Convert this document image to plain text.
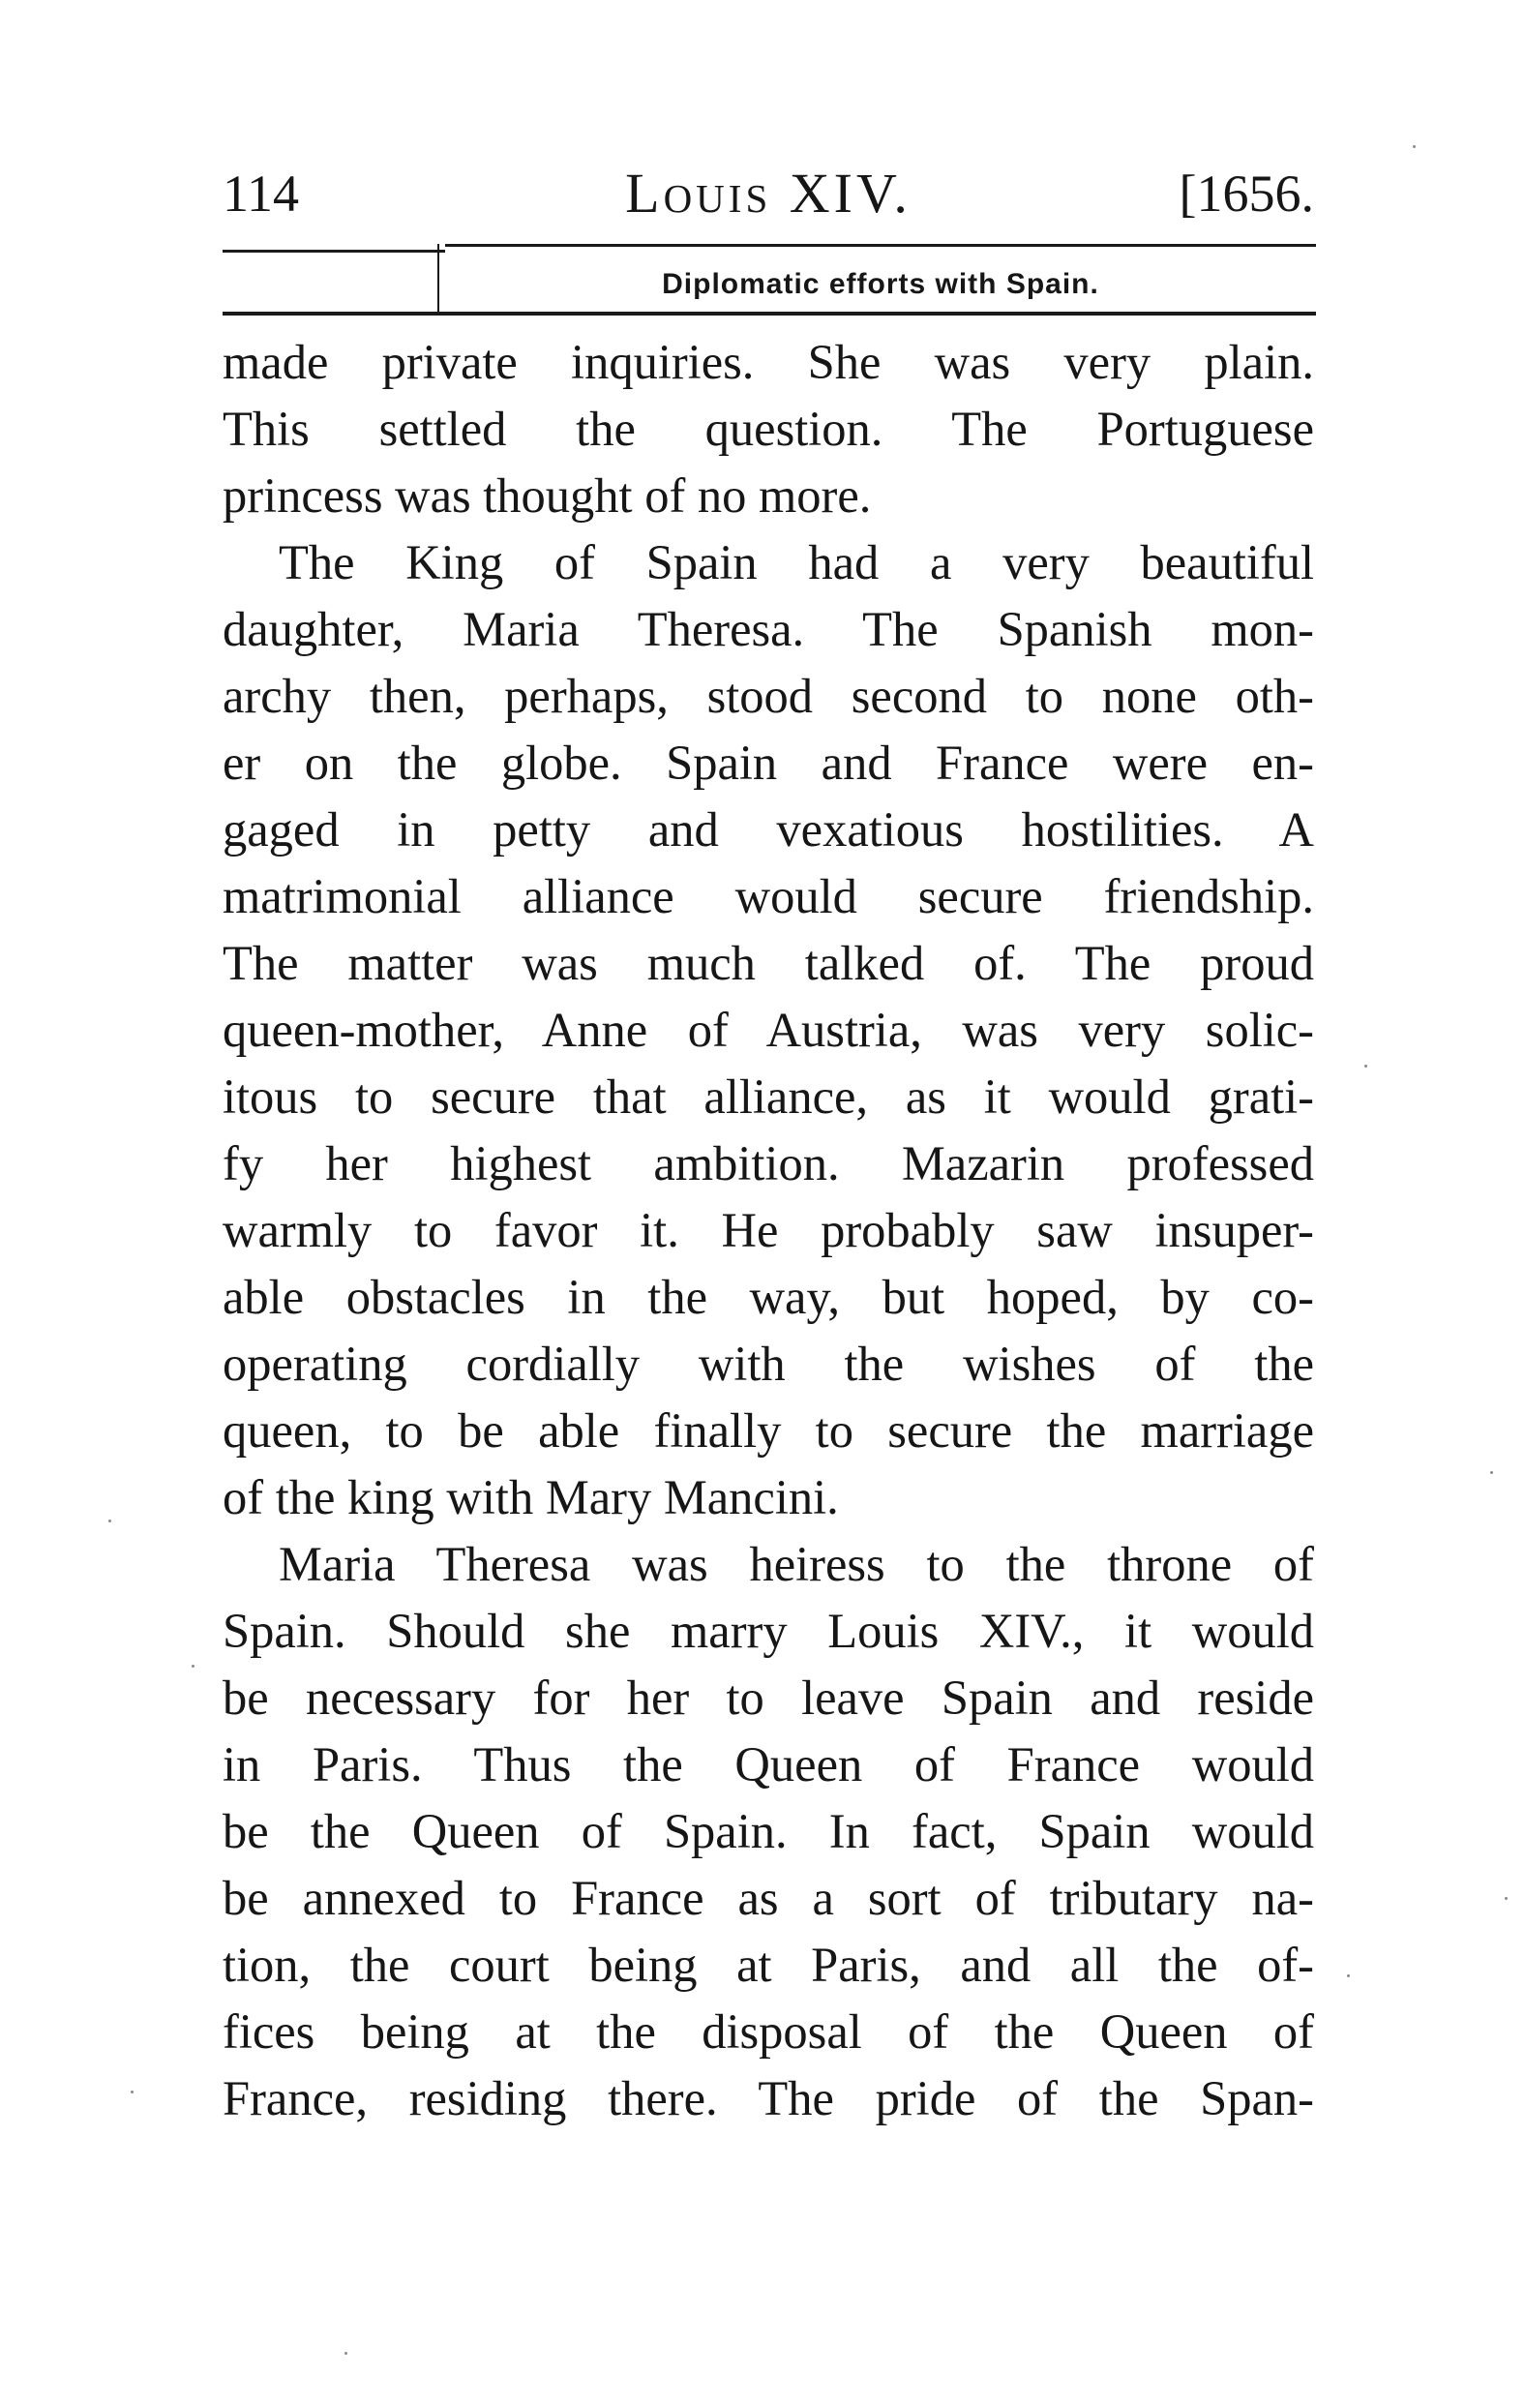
114	Louis XIV.	[1656.
Diplomatic efforts with Spain.
made private inquiries. She was very plain.
This settled the question. The Portuguese
princess was thought of no more.
The King of Spain had a very beautiful
daughter, Maria Theresa. The Spanish mon-
archy then, perhaps, stood second to none oth-
er on the globe. Spain and France were en-
gaged in petty and vexatious hostilities. A
matrimonial alliance would secure friendship.
The matter was much talked of. The proud
queen-mother, Anne of Austria, was very solic-
itous to secure that alliance, as it would grati-
fy her highest ambition. Mazarin professed
warmly to favor it. He probably saw insuper-
able obstacles in the way, but hoped, by co-
operating cordially with the wishes of the
queen, to be able finally to secure the marriage
of the king with Mary Mancini.
Maria Theresa was heiress to the throne of
Spain. Should she marry Louis XIV., it would
be necessary for her to leave Spain and reside
in Paris. Thus the Queen of France would
be the Queen of Spain. In fact, Spain would
be annexed to France as a sort of tributary na-
tion, the court being at Paris, and all the of-
fices being at the disposal of the Queen of
France, residing there. The pride of the Span-
